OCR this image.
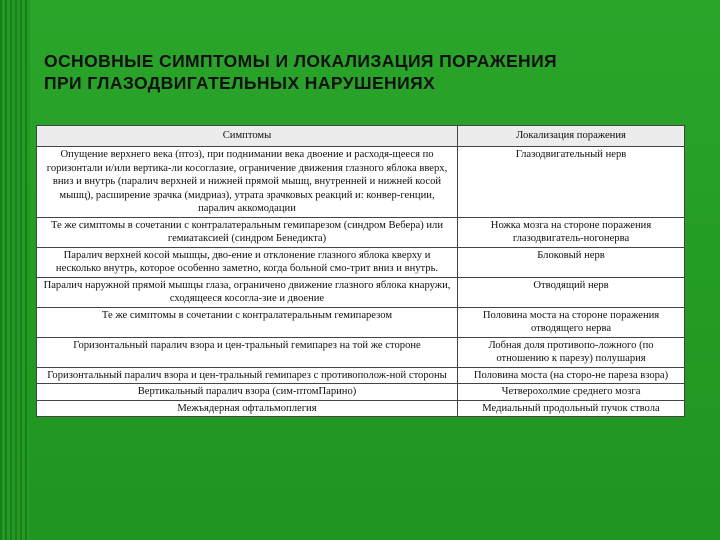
ОСНОВНЫЕ СИМПТОМЫ И ЛОКАЛИЗАЦИЯ ПОРАЖЕНИЯ
ПРИ ГЛАЗОДВИГАТЕЛЬНЫХ НАРУШЕНИЯХ
Симптомы	Локализация поражения
Опущение верхнего века (птоз), при поднимании века двоение и расходя-щееся по горизонтали и/или вертика-ли косоглазие, ограничение движения глазного яблока вверх, вниз и внутрь (паралич верхней и нижней прямой мышц, внутренней и нижней косой мышц), расширение зрачка (мидриаз), утрата зрачковых реакций и: конвер-генции, паралич аккомодации	Глазодвигательный нерв
Те же симптомы в сочетании с контралатеральным гемипарезом (синдром Вебера) или гемиатаксией (синдром Бенедикта)	Ножка мозга на стороне поражения глазодвигатель-ногонерва
Паралич верхней косой мышцы, дво-ение и отклонение глазного яблока кверху и несколько внутрь, которое особенно заметно, когда больной смо-трит вниз и внутрь.	Блоковый нерв
Паралич наружной прямой мышцы глаза, ограничено движение глазного яблока кнаружи, сходящееся косогла-зие и двоение	Отводящий нерв
Те же симптомы в сочетании с контралатеральным гемипарезом	Половина моста на стороне поражения отводящего нерва
Горизонтальный паралич взора и цен-тральный гемипарез на той же стороне	Лобная доля противопо-ложного (по отношению к парезу) полушария
Горизонтальный паралич взора и цен-тральный гемипарез с противополож-ной стороны	Половина моста (на сторо-не пареза взора)
Вертикальный паралич взора (сим-птомПарино)	Четверохолмие среднего мозга
Межъядерная офтальмоплегия	Медиальный продольный пучок ствола
